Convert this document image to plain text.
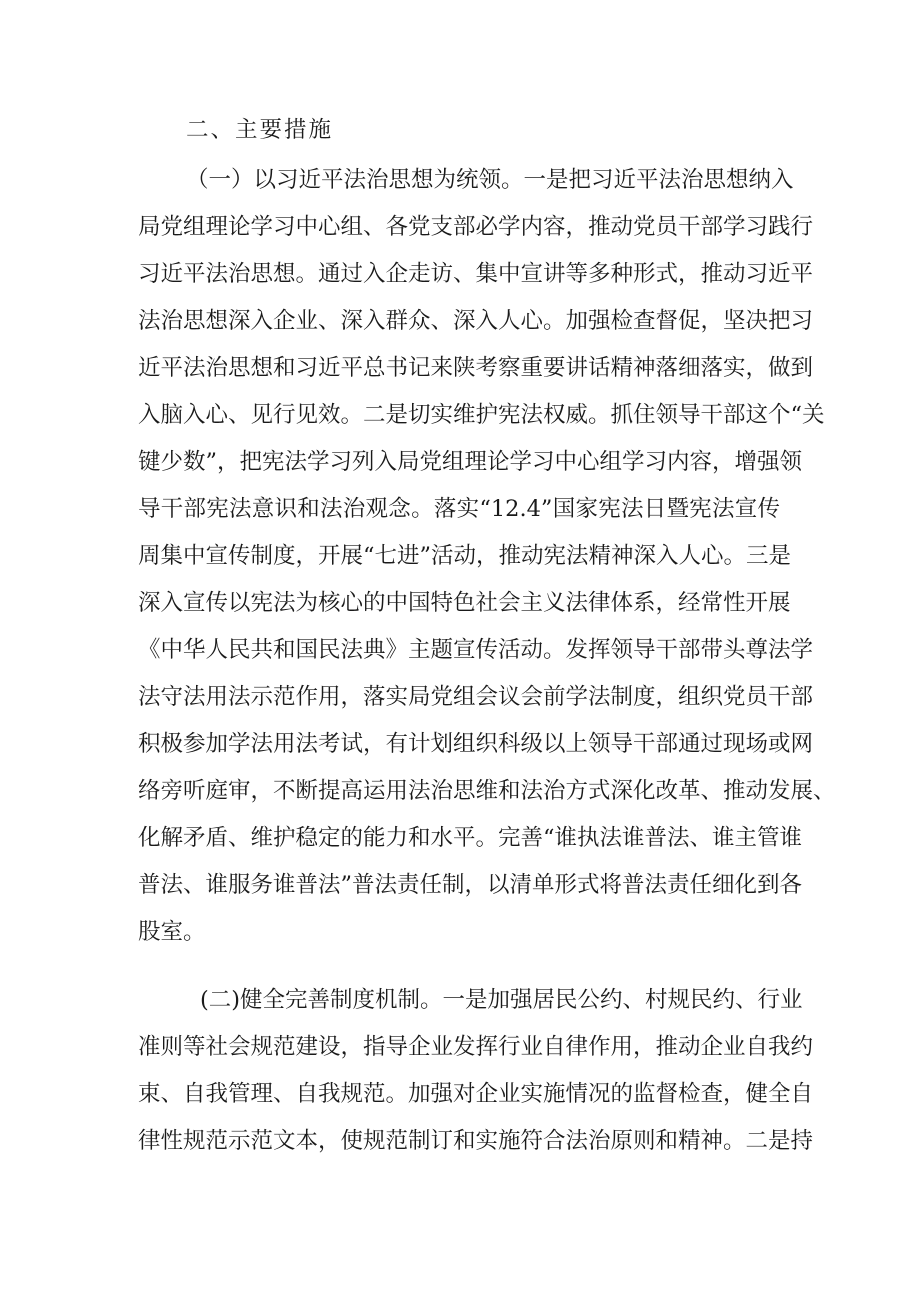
二、主要措施
（一）以习近平法治思想为统领。一是把习近平法治思想纳入
局党组理论学习中心组、各党支部必学内容，推动党员干部学习践行
习近平法治思想。通过入企走访、集中宣讲等多种形式，推动习近平
法治思想深入企业、深入群众、深入人心。加强检查督促，坚决把习
近平法治思想和习近平总书记来陕考察重要讲话精神落细落实，做到
入脑入心、见行见效。二是切实维护宪法权威。抓住领导干部这个“关
键少数”，把宪法学习列入局党组理论学习中心组学习内容，增强领
导干部宪法意识和法治观念。落实“12.4”国家宪法日暨宪法宣传
周集中宣传制度，开展“七进”活动，推动宪法精神深入人心。三是
深入宣传以宪法为核心的中国特色社会主义法律体系，经常性开展
《中华人民共和国民法典》主题宣传活动。发挥领导干部带头尊法学
法守法用法示范作用，落实局党组会议会前学法制度，组织党员干部
积极参加学法用法考试，有计划组织科级以上领导干部通过现场或网
络旁听庭审，不断提高运用法治思维和法治方式深化改革、推动发展、
化解矛盾、维护稳定的能力和水平。完善“谁执法谁普法、谁主管谁
普法、谁服务谁普法”普法责任制，以清单形式将普法责任细化到各
股室。
(二)健全完善制度机制。一是加强居民公约、村规民约、行业
准则等社会规范建设，指导企业发挥行业自律作用，推动企业自我约
束、自我管理、自我规范。加强对企业实施情况的监督检查，健全自
律性规范示范文本，使规范制订和实施符合法治原则和精神。二是持
